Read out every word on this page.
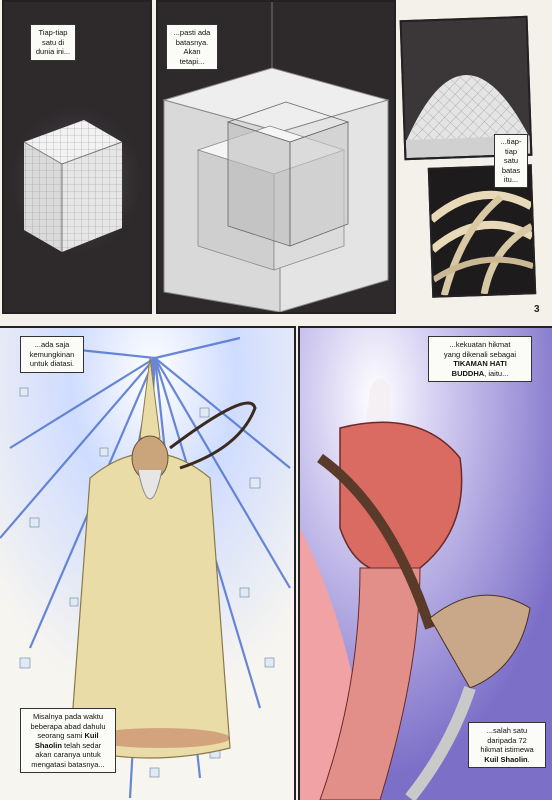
Tiap-tiap
satu di
dunia ini...
...pasti ada
batasnya.
Akan
tetapi...
...tiap-
tiap
satu
batas
itu...
3
...ada saja
kemungkinan
untuk diatasi.
Misalnya pada waktu
beberapa abad dahulu
seorang sami Kuil
Shaolin telah sedar
akan caranya untuk
mengatasi batasnya...
...kekuatan hikmat
yang dikenali sebagai
TIKAMAN HATI
BUDDHA, iaitu...
...salah satu
daripada 72
hikmat istimewa
Kuil Shaolin.
